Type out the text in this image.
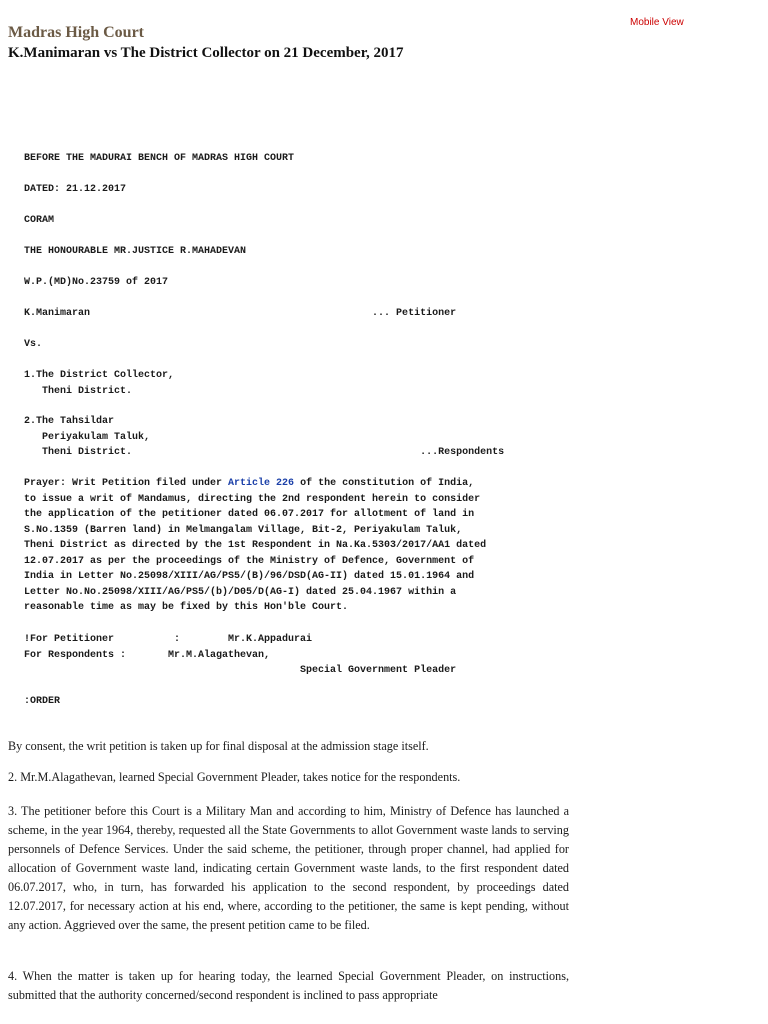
Madras High Court
K.Manimaran vs The District Collector on 21 December, 2017
Mobile View
BEFORE THE MADURAI BENCH OF MADRAS HIGH COURT
DATED: 21.12.2017
CORAM
THE HONOURABLE MR.JUSTICE R.MAHADEVAN
W.P.(MD)No.23759 of 2017
K.Manimaran                                               ... Petitioner
Vs.
1.The District Collector,
Theni District.
2.The Tahsildar
Periyakulam Taluk,
Theni District.                                                ...Respondents
Prayer: Writ Petition filed under Article 226 of the constitution of India,
to issue a writ of Mandamus, directing the 2nd respondent herein to consider
the application of the petitioner dated 06.07.2017 for allotment of land in
S.No.1359 (Barren land) in Melmangalam Village, Bit-2, Periyakulam Taluk,
Theni District as directed by the 1st Respondent in Na.Ka.5303/2017/AA1 dated
12.07.2017 as per the proceedings of the Ministry of Defence, Government of
India in Letter No.25098/XIII/AG/PS5/(B)/96/DSD(AG-II) dated 15.01.1964 and
Letter No.No.25098/XIII/AG/PS5/(b)/D05/D(AG-I) dated 25.04.1967 within a
reasonable time as may be fixed by this Hon'ble Court.
!For Petitioner          :        Mr.K.Appadurai
For Respondents :       Mr.M.Alagathevan,
Special Government Pleader
:ORDER

By consent, the writ petition is taken up for final disposal at the admission stage itself.

2. Mr.M.Alagathevan, learned Special Government Pleader, takes notice for the respondents.

3. The petitioner before this Court is a Military Man and according to him, Ministry of Defence has launched a scheme, in the year 1964, thereby, requested all the State Governments to allot Government waste lands to serving personnels of Defence Services. Under the said scheme, the petitioner, through proper channel, had applied for allocation of Government waste land, indicating certain Government waste lands, to the first respondent dated 06.07.2017, who, in turn, has forwarded his application to the second respondent, by proceedings dated 12.07.2017, for necessary action at his end, where, according to the petitioner, the same is kept pending, without any action. Aggrieved over the same, the present petition came to be filed.

4. When the matter is taken up for hearing today, the learned Special Government Pleader, on instructions, submitted that the authority concerned/second respondent is inclined to pass appropriate
